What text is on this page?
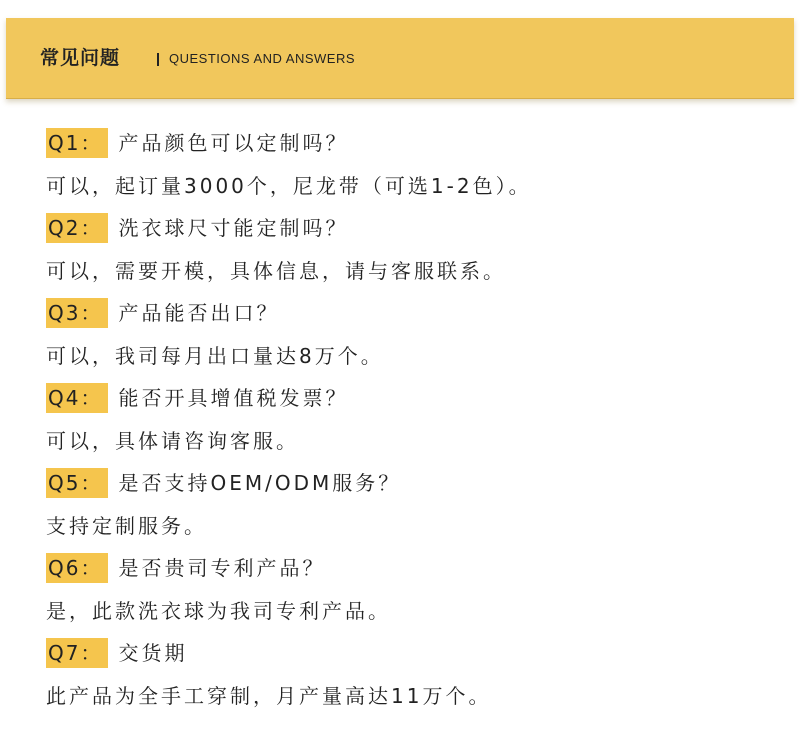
常见问题	QUESTIONS AND ANSWERS
Q1： 产品颜色可以定制吗？
可以，起订量3000个，尼龙带（可选1-2色）。
Q2： 洗衣球尺寸能定制吗？
可以，需要开模，具体信息，请与客服联系。
Q3： 产品能否出口？
可以，我司每月出口量达8万个。
Q4： 能否开具增值税发票？
可以，具体请咨询客服。
Q5： 是否支持OEM/ODM服务？
支持定制服务。
Q6： 是否贵司专利产品？
是，此款洗衣球为我司专利产品。
Q7： 交货期
此产品为全手工穿制，月产量高达11万个。
